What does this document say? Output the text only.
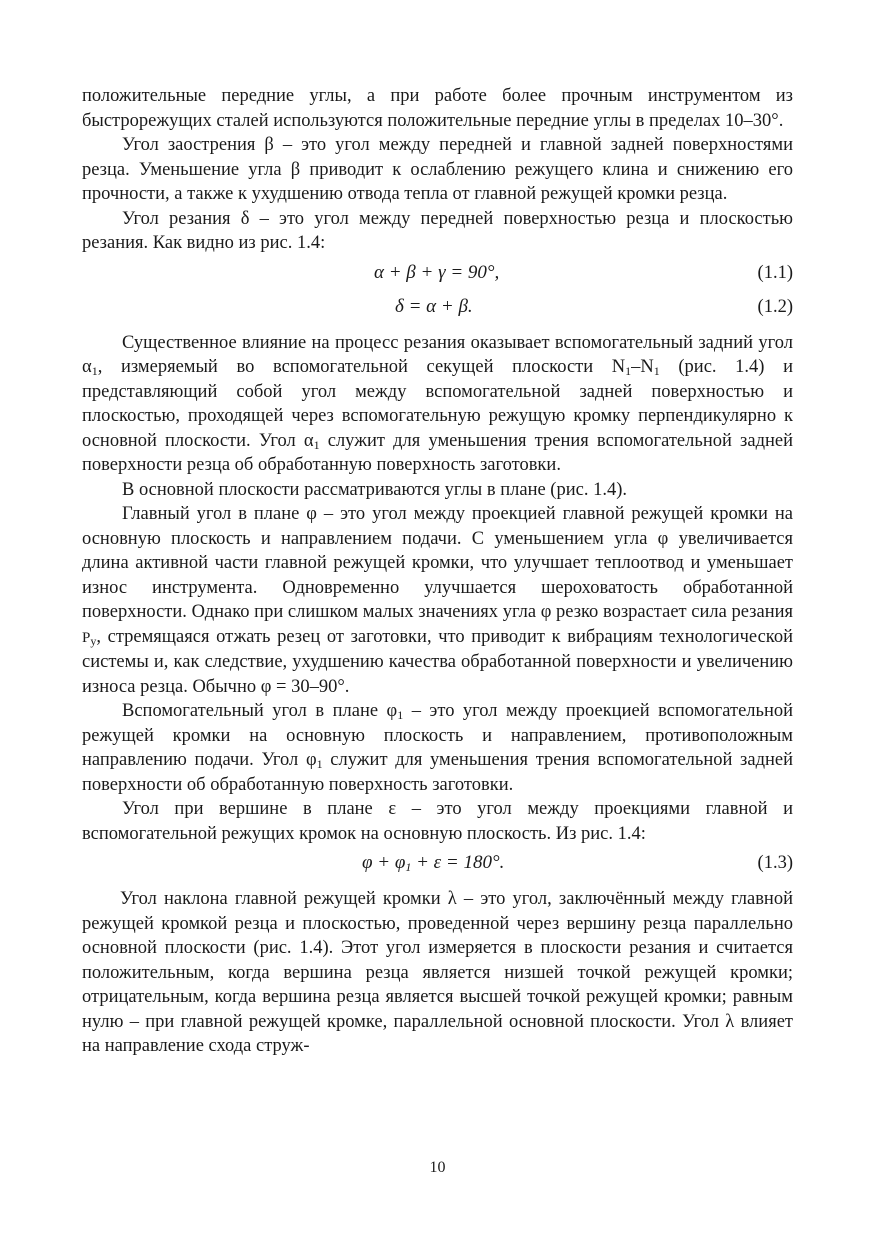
положительные передние углы, а при работе более прочным инструментом из быстрорежущих сталей используются положительные передние углы в пределах 10–30°.

Угол заострения β – это угол между передней и главной задней поверхностями резца. Уменьшение угла β приводит к ослаблению режущего клина и снижению его прочности, а также к ухудшению отвода тепла от главной режущей кромки резца.

Угол резания δ – это угол между передней поверхностью резца и плоскостью резания. Как видно из рис. 1.4:

α + β + γ = 90°,	(1.1)
δ = α + β.	(1.2)

Существенное влияние на процесс резания оказывает вспомогательный задний угол $\alpha_1$, измеряемый во вспомогательной секущей плоскости $N_1-N_1$ (рис. 1.4) и представляющий собой угол между вспомогательной задней поверхностью и плоскостью, проходящей через вспомогательную режущую кромку перпендикулярно к основной плоскости. Угол $\alpha_1$ служит для уменьшения трения вспомогательной задней поверхности резца об обработанную поверхность заготовки.

В основной плоскости рассматриваются углы в плане (рис. 1.4).

Главный угол в плане φ – это угол между проекцией главной режущей кромки на основную плоскость и направлением подачи. С уменьшением угла φ увеличивается длина активной части главной режущей кромки, что улучшает теплоотвод и уменьшает износ инструмента. Одновременно улучшается шероховатость обработанной поверхности. Однако при слишком малых значениях угла φ резко возрастает сила резания $P_y$, стремящаяся отжать резец от заготовки, что приводит к вибрациям технологической системы и, как следствие, ухудшению качества обработанной поверхности и увеличению износа резца. Обычно φ = 30–90°.

Вспомогательный угол в плане $\varphi_1$ – это угол между проекцией вспомогательной режущей кромки на основную плоскость и направлением, противоположным направлению подачи. Угол $\varphi_1$ служит для уменьшения трения вспомогательной задней поверхности об обработанную поверхность заготовки.

Угол при вершине в плане ε – это угол между проекциями главной и вспомогательной режущих кромок на основную плоскость. Из рис. 1.4:

$\varphi + \varphi_1 + \varepsilon = 180^\circ$.	(1.3)

Угол наклона главной режущей кромки λ – это угол, заключённый между главной режущей кромкой резца и плоскостью, проведенной через вершину резца параллельно основной плоскости (рис. 1.4). Этот угол измеряется в плоскости резания и считается положительным, когда вершина резца является низшей точкой режущей кромки; отрицательным, когда вершина резца является высшей точкой режущей кромки; равным нулю – при главной режущей кромке, параллельной основной плоскости. Угол λ влияет на направление схода струж-

10
